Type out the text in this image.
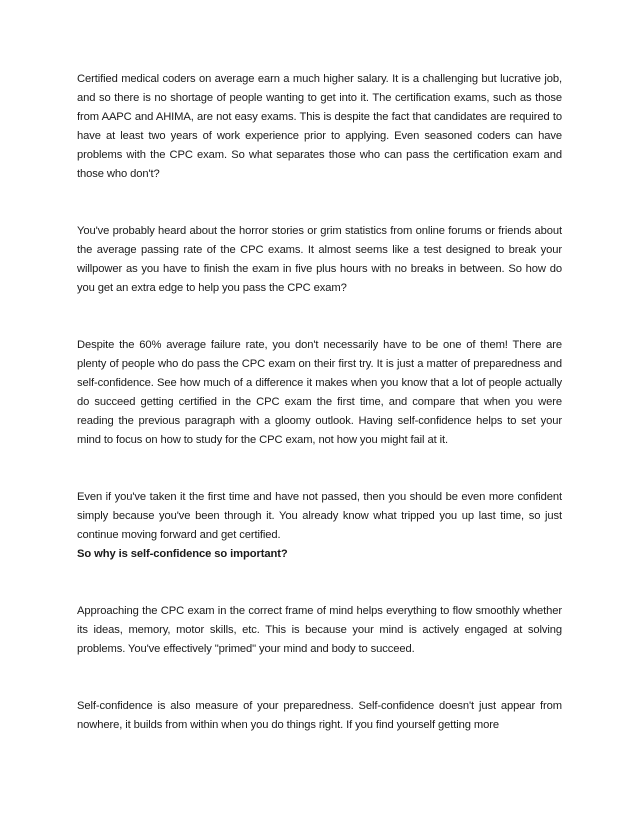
Certified medical coders on average earn a much higher salary. It is a challenging but lucrative job, and so there is no shortage of people wanting to get into it. The certification exams, such as those from AAPC and AHIMA, are not easy exams. This is despite the fact that candidates are required to have at least two years of work experience prior to applying. Even seasoned coders can have problems with the CPC exam. So what separates those who can pass the certification exam and those who don't?

You've probably heard about the horror stories or grim statistics from online forums or friends about the average passing rate of the CPC exams. It almost seems like a test designed to break your willpower as you have to finish the exam in five plus hours with no breaks in between. So how do you get an extra edge to help you pass the CPC exam?

Despite the 60% average failure rate, you don't necessarily have to be one of them! There are plenty of people who do pass the CPC exam on their first try. It is just a matter of preparedness and self-confidence. See how much of a difference it makes when you know that a lot of people actually do succeed getting certified in the CPC exam the first time, and compare that when you were reading the previous paragraph with a gloomy outlook. Having self-confidence helps to set your mind to focus on how to study for the CPC exam, not how you might fail at it.

Even if you've taken it the first time and have not passed, then you should be even more confident simply because you've been through it. You already know what tripped you up last time, so just continue moving forward and get certified.

So why is self-confidence so important?

Approaching the CPC exam in the correct frame of mind helps everything to flow smoothly whether its ideas, memory, motor skills, etc. This is because your mind is actively engaged at solving problems. You've effectively "primed" your mind and body to succeed.

Self-confidence is also measure of your preparedness. Self-confidence doesn't just appear from nowhere, it builds from within when you do things right. If you find yourself getting more
